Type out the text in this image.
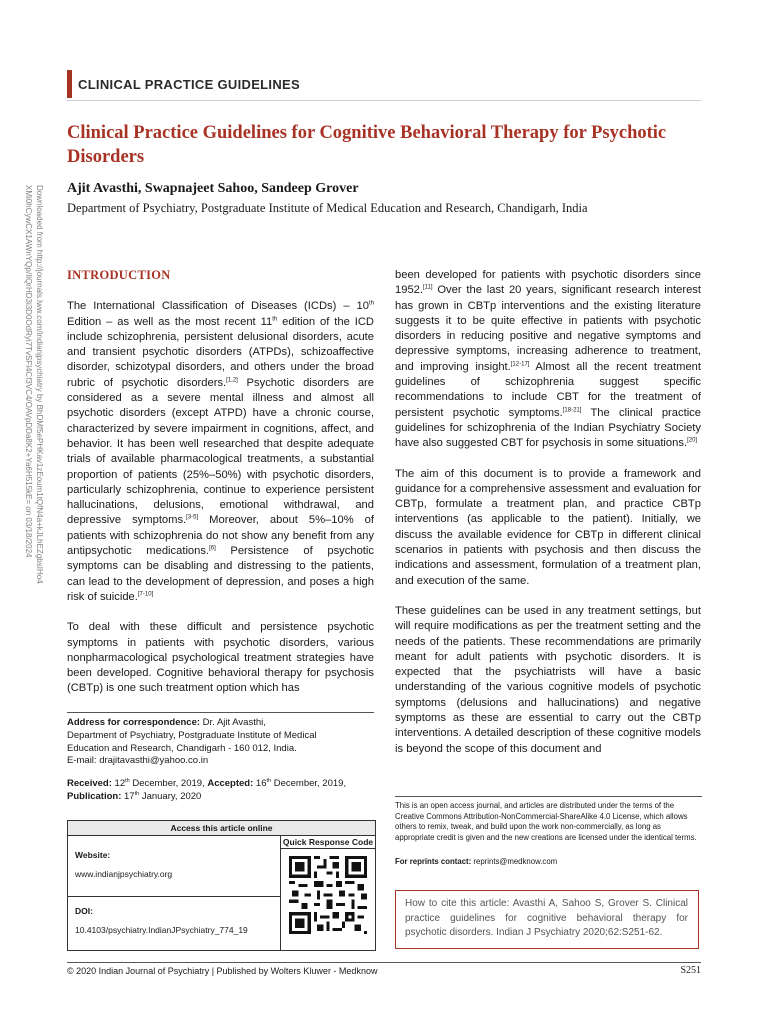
CLINICAL PRACTICE GUIDELINES
Clinical Practice Guidelines for Cognitive Behavioral Therapy for Psychotic Disorders

Ajit Avasthi, Swapnajeet Sahoo, Sandeep Grover

Department of Psychiatry, Postgraduate Institute of Medical Education and Research, Chandigarh, India

Downloaded from http://journals.lww.com/indianjpsychiatry by BhDMf5ePHKav1zEoum1tQfN4a+kJLhEZgbsIHo4
XMi0hCywCX1AWnYQp/IlQrHD3i3D0OdRyi7TvSFl4Cf3VC4/OAVpDDa8K2+Ya6H515kE= on 03/18/2024	INTRODUCTION

The International Classification of Diseases (ICDs) – 10th Edition – as well as the most recent 11th edition of the ICD include schizophrenia, persistent delusional disorders, acute and transient psychotic disorders (ATPDs), schizoaffective disorder, schizotypal disorders, and others under the broad rubric of psychotic disorders.[1,2] Psychotic disorders are considered as a severe mental illness and almost all psychotic disorders (except ATPD) have a chronic course, characterized by severe impairment in cognitions, affect, and behavior. It has been well researched that despite adequate trials of available pharmacological treatments, a substantial proportion of patients (25%–50%) with psychotic disorders, particularly schizophrenia, continue to experience persistent hallucinations, delusions, emotional withdrawal, and depressive symptoms.[3-5] Moreover, about 5%–10% of patients with schizophrenia do not show any benefit from any antipsychotic medications.[6] Persistence of psychotic symptoms can be disabling and distressing to the patients, can lead to the development of depression, and poses a high risk of suicide.[7-10]

To deal with these difficult and persistence psychotic symptoms in patients with psychotic disorders, various nonpharmacological psychological treatment strategies have been developed. Cognitive behavioral therapy for psychosis (CBTp) is one such treatment option which has

been developed for patients with psychotic disorders since 1952.[11] Over the last 20 years, significant research interest has grown in CBTp interventions and the existing literature suggests it to be quite effective in patients with psychotic disorders in reducing positive and negative symptoms and depressive symptoms, increasing adherence to treatment, and improving insight.[12-17] Almost all the recent treatment guidelines of schizophrenia suggest specific recommendations to include CBT for the treatment of persistent psychotic symptoms.[18-21] The clinical practice guidelines for schizophrenia of the Indian Psychiatry Society have also suggested CBT for psychosis in some situations.[20]

The aim of this document is to provide a framework and guidance for a comprehensive assessment and evaluation for CBTp, formulate a treatment plan, and practice CBTp interventions (as applicable to the patient). Initially, we discuss the available evidence for CBTp in different clinical scenarios in patients with psychosis and then discuss the indications and assessment, formulation of a treatment plan, and execution of the same.

These guidelines can be used in any treatment settings, but will require modifications as per the treatment setting and the needs of the patients. These recommendations are primarily meant for adult patients with psychotic disorders. It is expected that the psychiatrists will have a basic understanding of the various cognitive models of psychotic symptoms (delusions and hallucinations) and negative symptoms as these are essential to carry out the CBTp interventions. A detailed description of these cognitive models is beyond the scope of this document and

Address for correspondence: Dr. Ajit Avasthi,
Department of Psychiatry, Postgraduate Institute of Medical
Education and Research, Chandigarh - 160 012, India.
E-mail: drajitavasthi@yahoo.co.in

Received: 12th December, 2019, Accepted: 16th December, 2019,
Publication: 17th January, 2020

Access this article online
Website:
www.indianjpsychiatry.org
DOI:
10.4103/psychiatry.IndianJPsychiatry_774_19
Quick Response Code
This is an open access journal, and articles are distributed under the terms of the Creative Commons Attribution-NonCommercial-ShareAlike 4.0 License, which allows others to remix, tweak, and build upon the work non-commercially, as long as appropriate credit is given and the new creations are licensed under the identical terms.
For reprints contact: reprints@medknow.com
How to cite this article: Avasthi A, Sahoo S, Grover S. Clinical practice guidelines for cognitive behavioral therapy for psychotic disorders. Indian J Psychiatry 2020;62:S251-62.
© 2020 Indian Journal of Psychiatry | Published by Wolters Kluwer - Medknow	S251
